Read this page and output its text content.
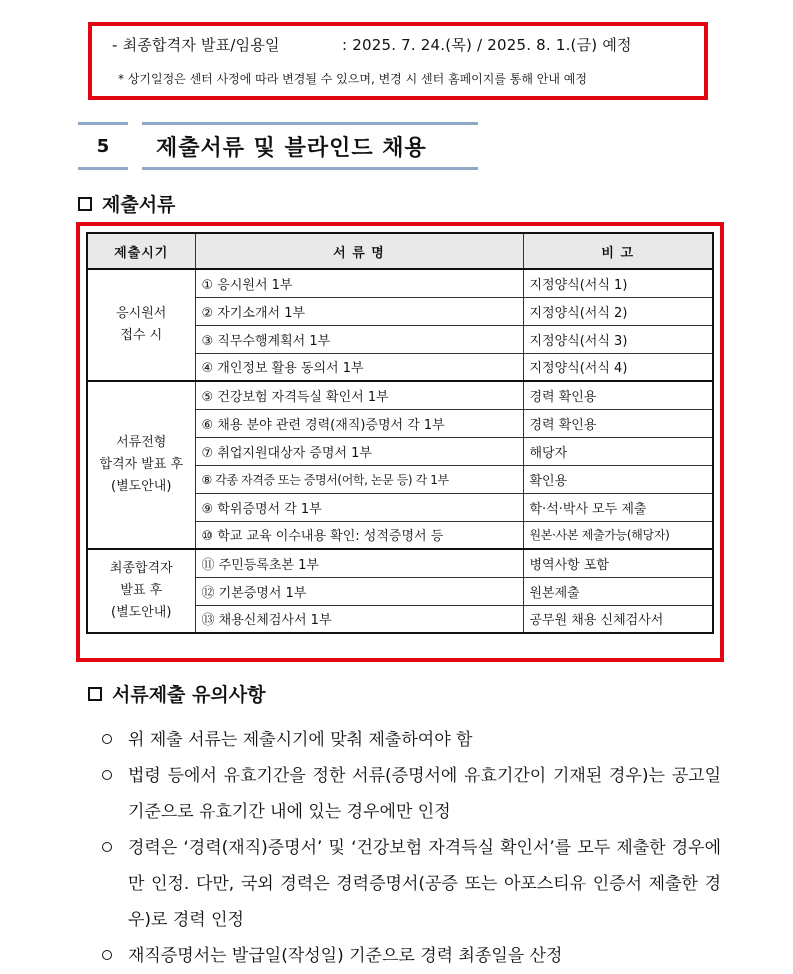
- 최종합격자 발표/임용일	: 2025. 7. 24.(목) / 2025. 8. 1.(금) 예정
* 상기일정은 센터 사정에 따라 변경될 수 있으며, 변경 시 센터 홈페이지를 통해 안내 예정
5	제출서류 및 블라인드 채용
제출서류
제출시기	서 류 명	비 고

응시원서
접수 시	① 응시원서 1부	지정양식(서식 1)
	② 자기소개서 1부	지정양식(서식 2)
	③ 직무수행계획서 1부	지정양식(서식 3)
	④ 개인정보 활용 동의서 1부	지정양식(서식 4)

서류전형
합격자 발표 후
(별도안내)	⑤ 건강보험 자격득실 확인서 1부	경력 확인용
	⑥ 채용 분야 관련 경력(재직)증명서 각 1부	경력 확인용
	⑦ 취업지원대상자 증명서 1부	해당자
	⑧ 각종 자격증 또는 증명서(어학, 논문 등) 각 1부	확인용
	⑨ 학위증명서 각 1부	학·석·박사 모두 제출
	⑩ 학교 교육 이수내용 확인: 성적증명서 등	원본·사본 제출가능(해당자)

최종합격자
발표 후
(별도안내)	⑪ 주민등록초본 1부	병역사항 포함
	⑫ 기본증명서 1부	원본제출
	⑬ 채용신체검사서 1부	공무원 채용 신체검사서
서류제출 유의사항
위 제출 서류는 제출시기에 맞춰 제출하여야 함
법령 등에서 유효기간을 정한 서류(증명서에 유효기간이 기재된 경우)는 공고일 기준으로 유효기간 내에 있는 경우에만 인정
경력은 ‘경력(재직)증명서’ 및 ‘건강보험 자격득실 확인서’를 모두 제출한 경우에만 인정. 다만, 국외 경력은 경력증명서(공증 또는 아포스티유 인증서 제출한 경우)로 경력 인정
재직증명서는 발급일(작성일) 기준으로 경력 최종일을 산정
